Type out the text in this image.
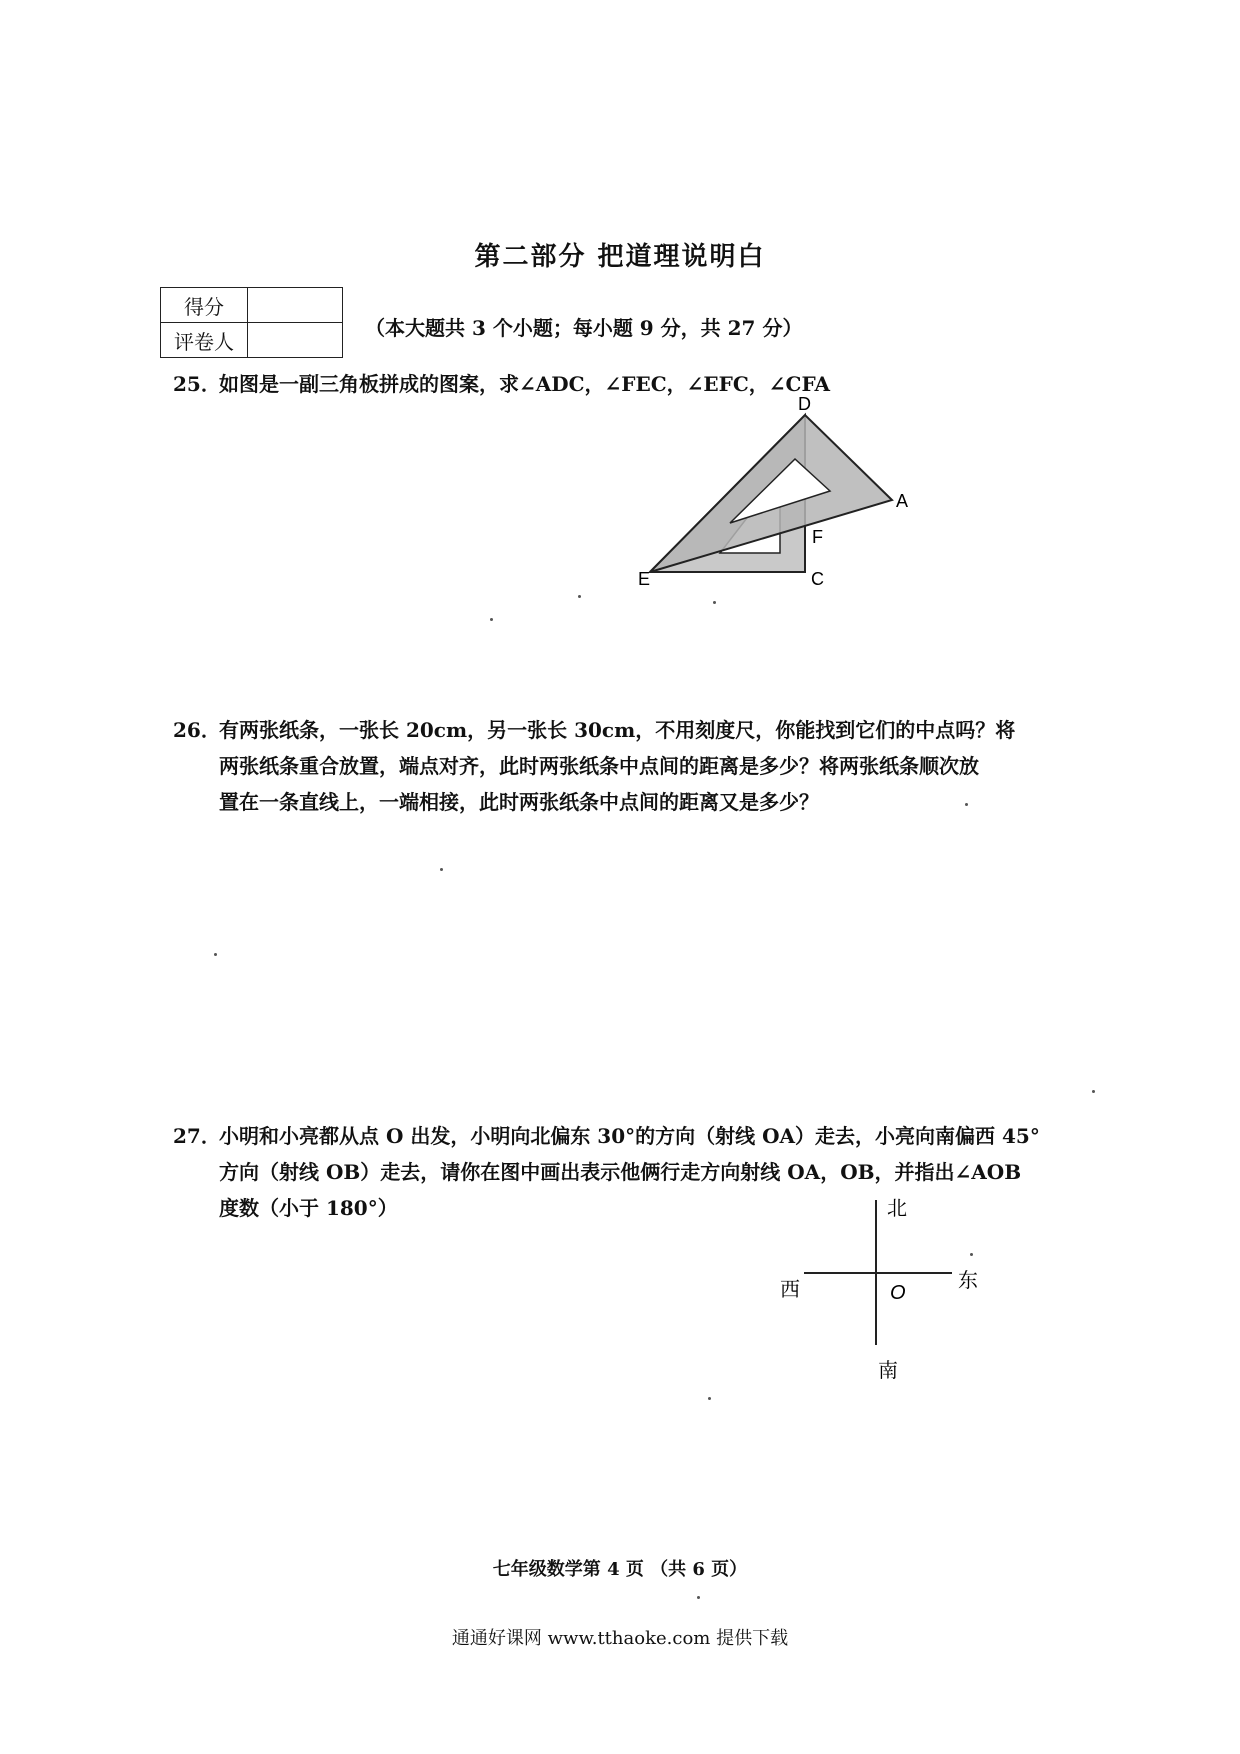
第二部分 把道理说明白
得分	
评卷人	
（本大题共 3 个小题；每小题 9 分，共 27 分）
25．如图是一副三角板拼成的图案，求∠ADC，∠FEC，∠EFC，∠CFA
D
A
F
E	C
26．有两张纸条，一张长 20cm，另一张长 30cm，不用刻度尺，你能找到它们的中点吗？将
两张纸条重合放置，端点对齐，此时两张纸条中点间的距离是多少？将两张纸条顺次放
置在一条直线上，一端相接，此时两张纸条中点间的距离又是多少？
27．小明和小亮都从点 O 出发，小明向北偏东 30°的方向（射线 OA）走去，小亮向南偏西 45°
方向（射线 OB）走去，请你在图中画出表示他俩行走方向射线 OA，OB，并指出∠AOB
度数（小于 180°）	北
西	东
O
南
七年级数学第 4 页 （共 6 页）
通通好课网 www.tthaoke.com 提供下载
